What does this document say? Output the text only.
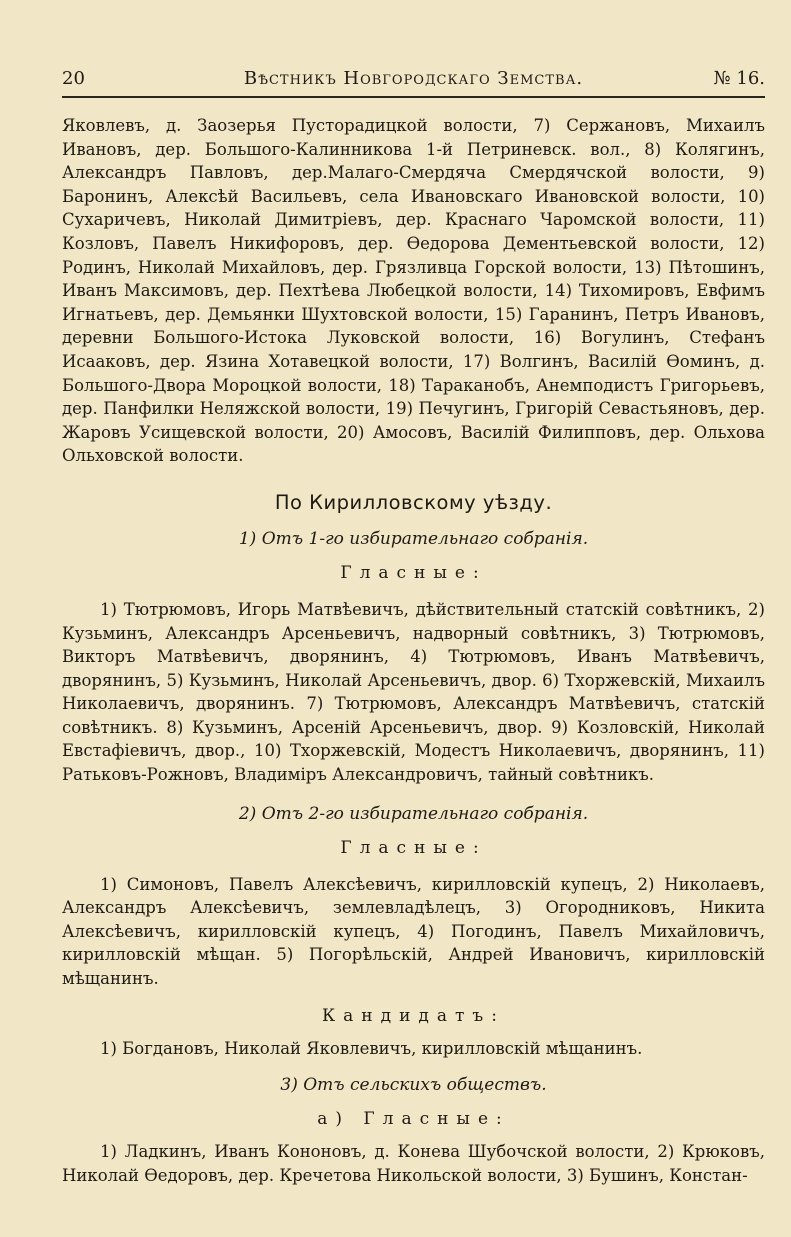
20	Вѣстникъ Новгородскаго Земства.	№ 16.

Яковлевъ, д. Заозерья Пусторадицкой волости, 7) Сержановъ, Михаилъ Ивановъ, дер. Большого-Калинникова 1-й Петриневск. вол., 8) Колягинъ, Александръ Павловъ, дер.Малаго-Смердяча Смердячской волости, 9) Баронинъ, Алексѣй Васильевъ, села Ивановскаго Ивановской волости, 10) Сухаричевъ, Николай Димитріевъ, дер. Краснаго Чаромской волости, 11) Козловъ, Павелъ Никифоровъ, дер. Ѳедорова Дементьевской волости, 12) Родинъ, Николай Михайловъ, дер. Грязливца Горской волости, 13) Пѣтошинъ, Иванъ Максимовъ, дер. Пехтѣева Любецкой волости, 14) Тихомировъ, Евфимъ Игнатьевъ, дер. Демьянки Шухтовской волости, 15) Гаранинъ, Петръ Ивановъ, деревни Большого-Истока Луковской волости, 16) Вогулинъ, Стефанъ Исааковъ, дер. Язина Хотавецкой волости, 17) Волгинъ, Василій Ѳоминъ, д. Большого-Двора Мороцкой волости, 18) Тараканобъ, Анемподистъ Григорьевъ, дер. Панфилки Неляжской волости, 19) Печугинъ, Григорій Севастьяновъ, дер. Жаровъ Усищевской волости, 20) Амосовъ, Василій Филипповъ, дер. Ольхова Ольховской волости.

По Кирилловскому уѣзду.
1) Отъ 1-го избирательнаго собранія.
Гласные:

1) Тютрюмовъ, Игорь Матвѣевичъ, дѣйствительный статскій совѣтникъ, 2) Кузьминъ, Александръ Арсеньевичъ, надворный совѣтникъ, 3) Тютрюмовъ, Викторъ Матвѣевичъ, дворянинъ, 4) Тютрюмовъ, Иванъ Матвѣевичъ, дворянинъ, 5) Кузьминъ, Николай Арсеньевичъ, двор. 6) Тхоржевскій, Михаилъ Николаевичъ, дворянинъ. 7) Тютрюмовъ, Александръ Матвѣевичъ, статскій совѣтникъ. 8) Кузьминъ, Арсеній Арсеньевичъ, двор. 9) Козловскій, Николай Евстафіевичъ, двор., 10) Тхоржевскій, Модестъ Николаевичъ, дворянинъ, 11) Ратьковъ-Рожновъ, Владиміръ Александровичъ, тайный совѣтникъ.

2) Отъ 2-го избирательнаго собранія.
Гласные:

1) Симоновъ, Павелъ Алексѣевичъ, кирилловскій купецъ, 2) Николаевъ, Александръ Алексѣевичъ, землевладѣлецъ, 3) Огородниковъ, Никита Алексѣевичъ, кирилловскій купецъ, 4) Погодинъ, Павелъ Михайловичъ, кирилловскій мѣщан. 5) Погорѣльскій, Андрей Ивановичъ, кирилловскій мѣщанинъ.

Кандидатъ:

1) Богдановъ, Николай Яковлевичъ, кирилловскій мѣщанинъ.

3) Отъ сельскихъ обществъ.
а) Гласные:

1) Ладкинъ, Иванъ Кононовъ, д. Конева Шубочской волости, 2) Крюковъ, Николай Ѳедоровъ, дер. Кречетова Никольской волости, 3) Бушинъ, Констан-
